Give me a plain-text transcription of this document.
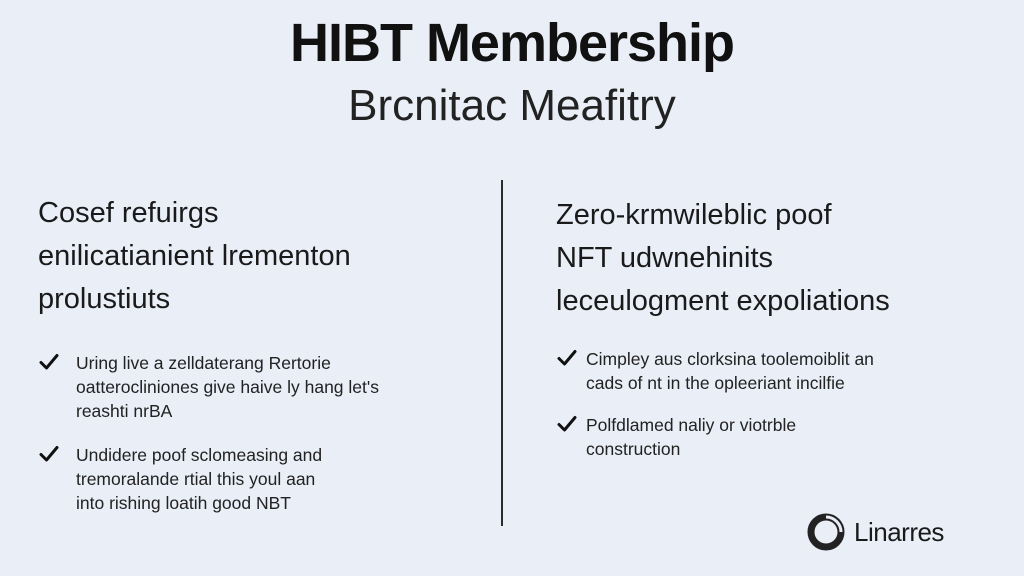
HIBT Membership
Brcnitac Meafitry
Cosef refuirgs
enilicatianient lrementon
prolustiuts
Uring live a zelldaterang Rertorie
oatterocliniones give haive ly hang let's
reashti nrBA
Undidere poof sclomeasing and
tremoralande rtial this youl aan
into rishing loatih good NBT
Zero-krmwileblic poof
NFT udwnehinits
leceulogment expoliations
Cimpley aus clorksina toolemoiblit an
cads of nt in the opleeriant incilfie
Polfdlamed naliy or viotrble
construction
Linarres
